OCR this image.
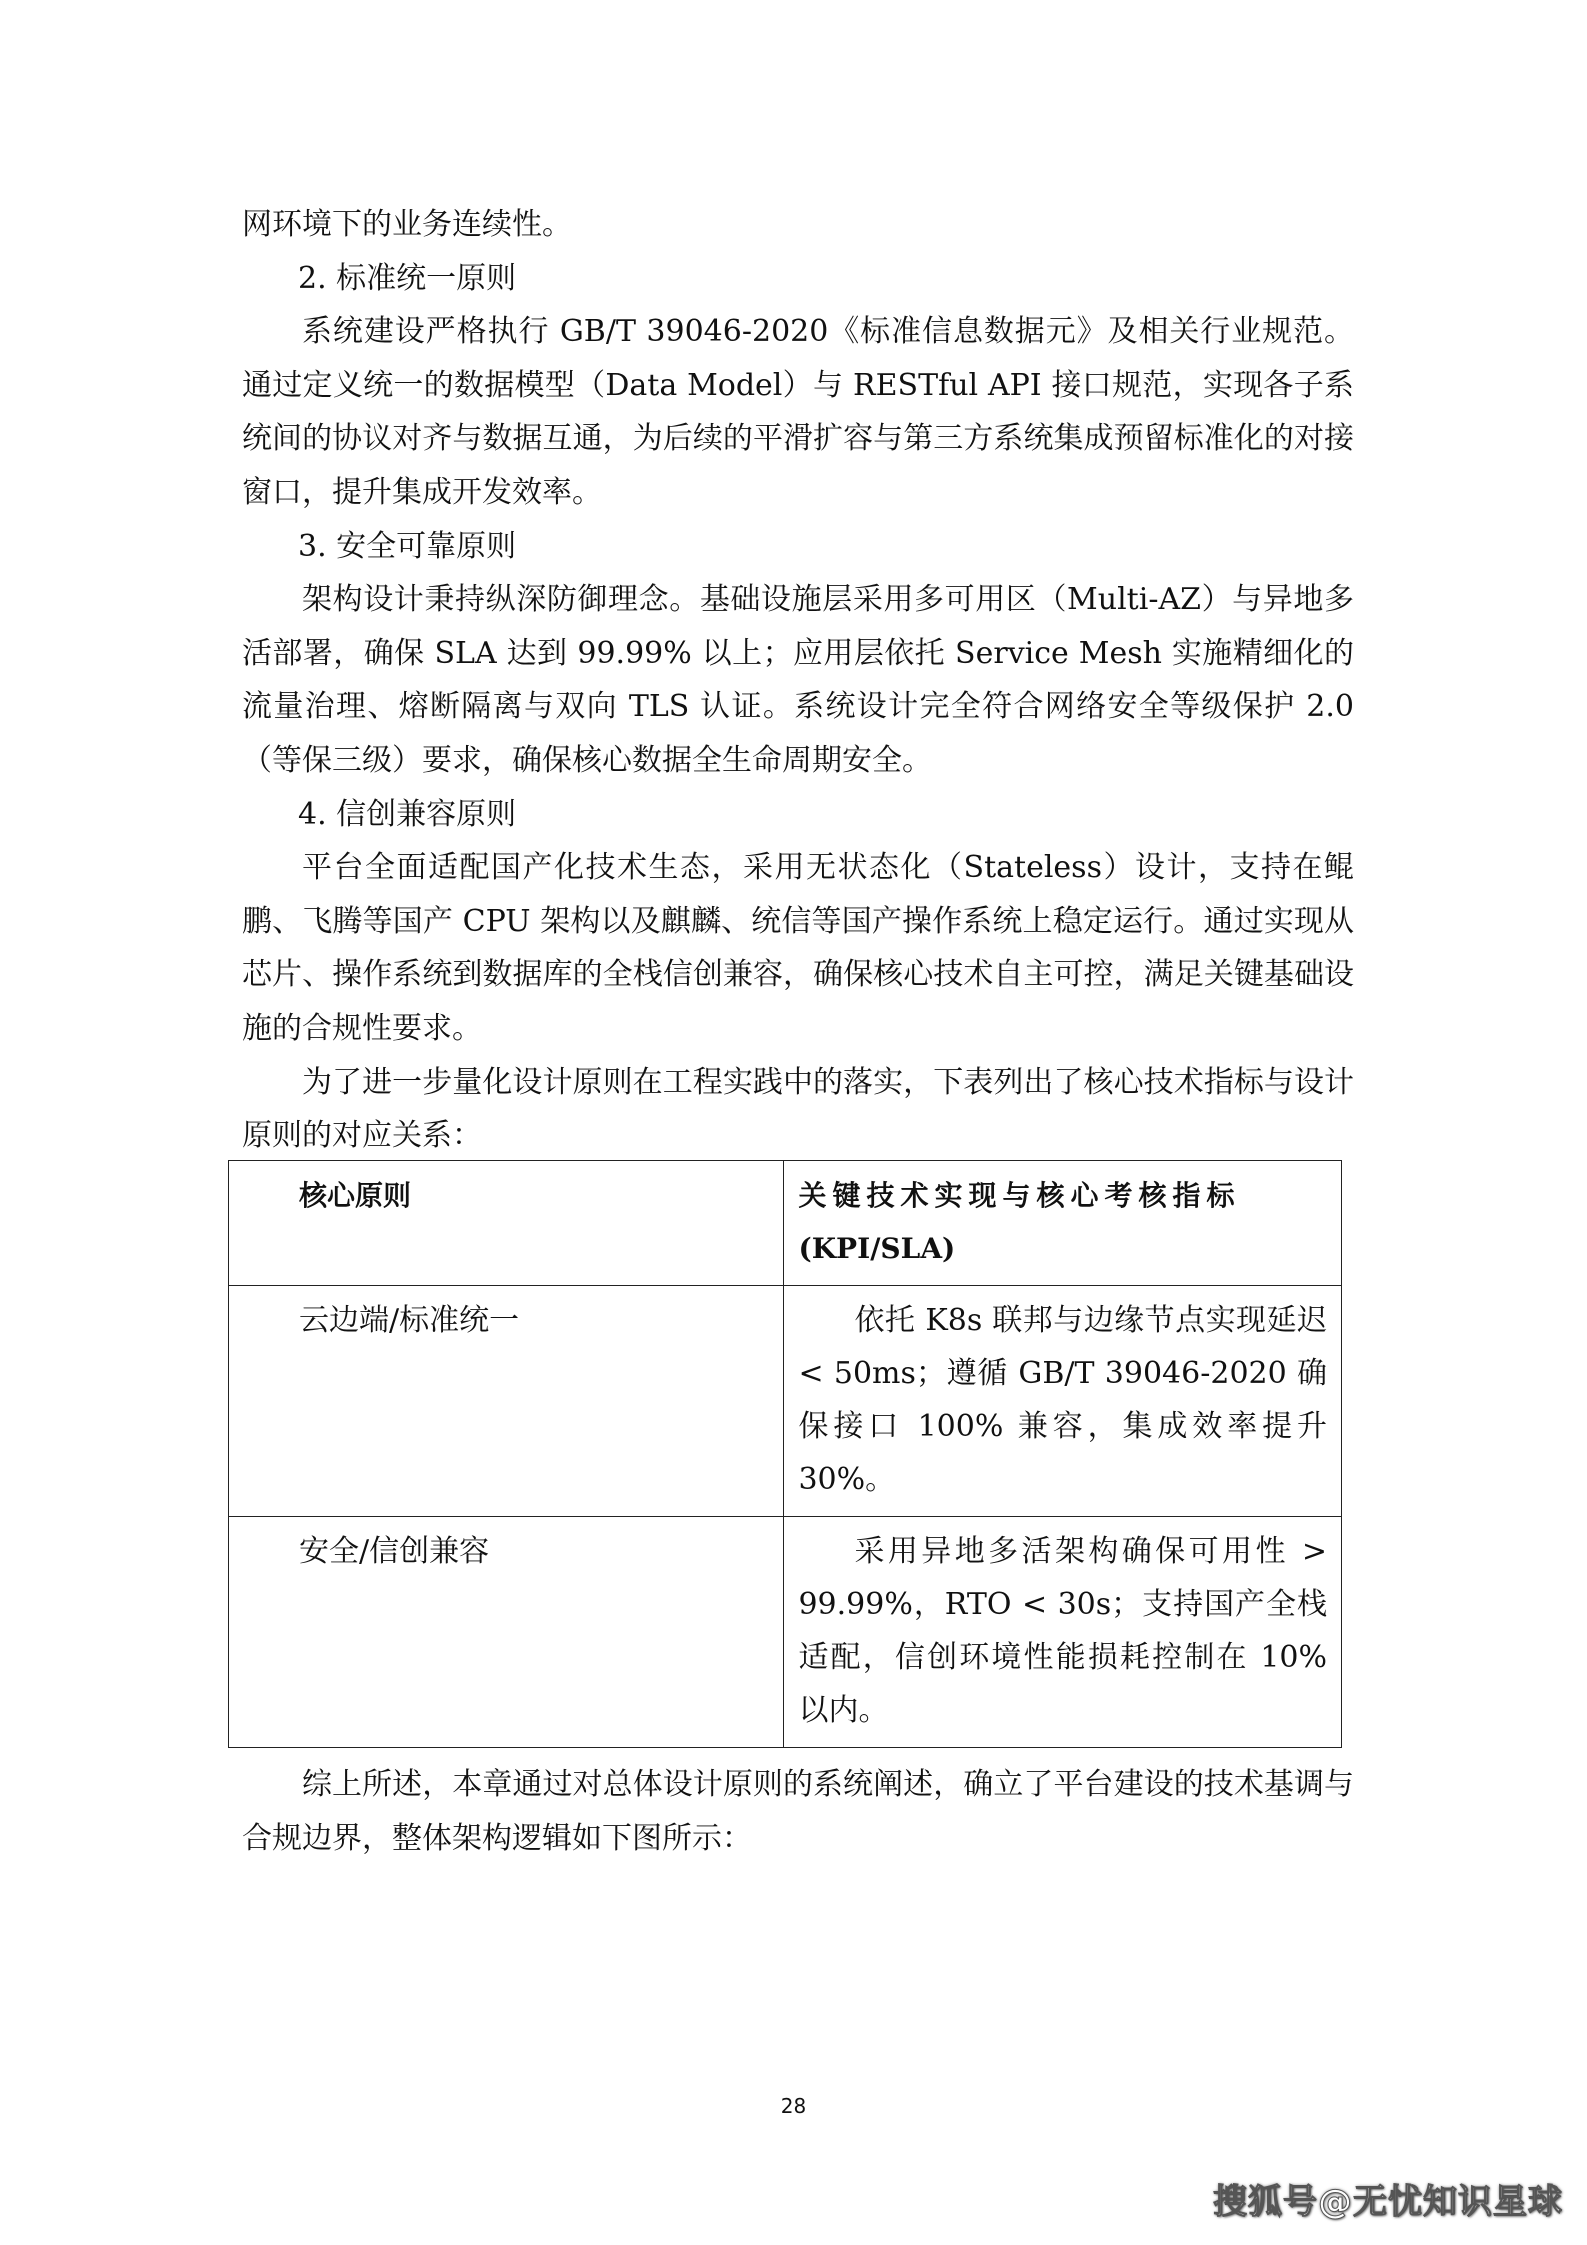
网环境下的业务连续性。

2. 标准统一原则

系统建设严格执行 GB/T 39046-2020《标准信息数据元》及相关行业规范。通过定义统一的数据模型（Data Model）与 RESTful API 接口规范，实现各子系统间的协议对齐与数据互通，为后续的平滑扩容与第三方系统集成预留标准化的对接窗口，提升集成开发效率。

3. 安全可靠原则

架构设计秉持纵深防御理念。基础设施层采用多可用区（Multi-AZ）与异地多活部署，确保 SLA 达到 99.99% 以上；应用层依托 Service Mesh 实施精细化的流量治理、熔断隔离与双向 TLS 认证。系统设计完全符合网络安全等级保护 2.0（等保三级）要求，确保核心数据全生命周期安全。

4. 信创兼容原则

平台全面适配国产化技术生态，采用无状态化（Stateless）设计，支持在鲲鹏、飞腾等国产 CPU 架构以及麒麟、统信等国产操作系统上稳定运行。通过实现从芯片、操作系统到数据库的全栈信创兼容，确保核心技术自主可控，满足关键基础设施的合规性要求。

为了进一步量化设计原则在工程实践中的落实，下表列出了核心技术指标与设计原则的对应关系：

核心原则	关键技术实现与核心考核指标
(KPI/SLA)
云边端/标准统一	依托 K8s 联邦与边缘节点实现延迟 < 50ms；遵循 GB/T 39046-2020 确保接口 100% 兼容，集成效率提升 30%。
安全/信创兼容	采用异地多活架构确保可用性 > 99.99%，RTO < 30s；支持国产全栈适配，信创环境性能损耗控制在 10% 以内。

综上所述，本章通过对总体设计原则的系统阐述，确立了平台建设的技术基调与合规边界，整体架构逻辑如下图所示：

28
搜狐号@无忧知识星球
